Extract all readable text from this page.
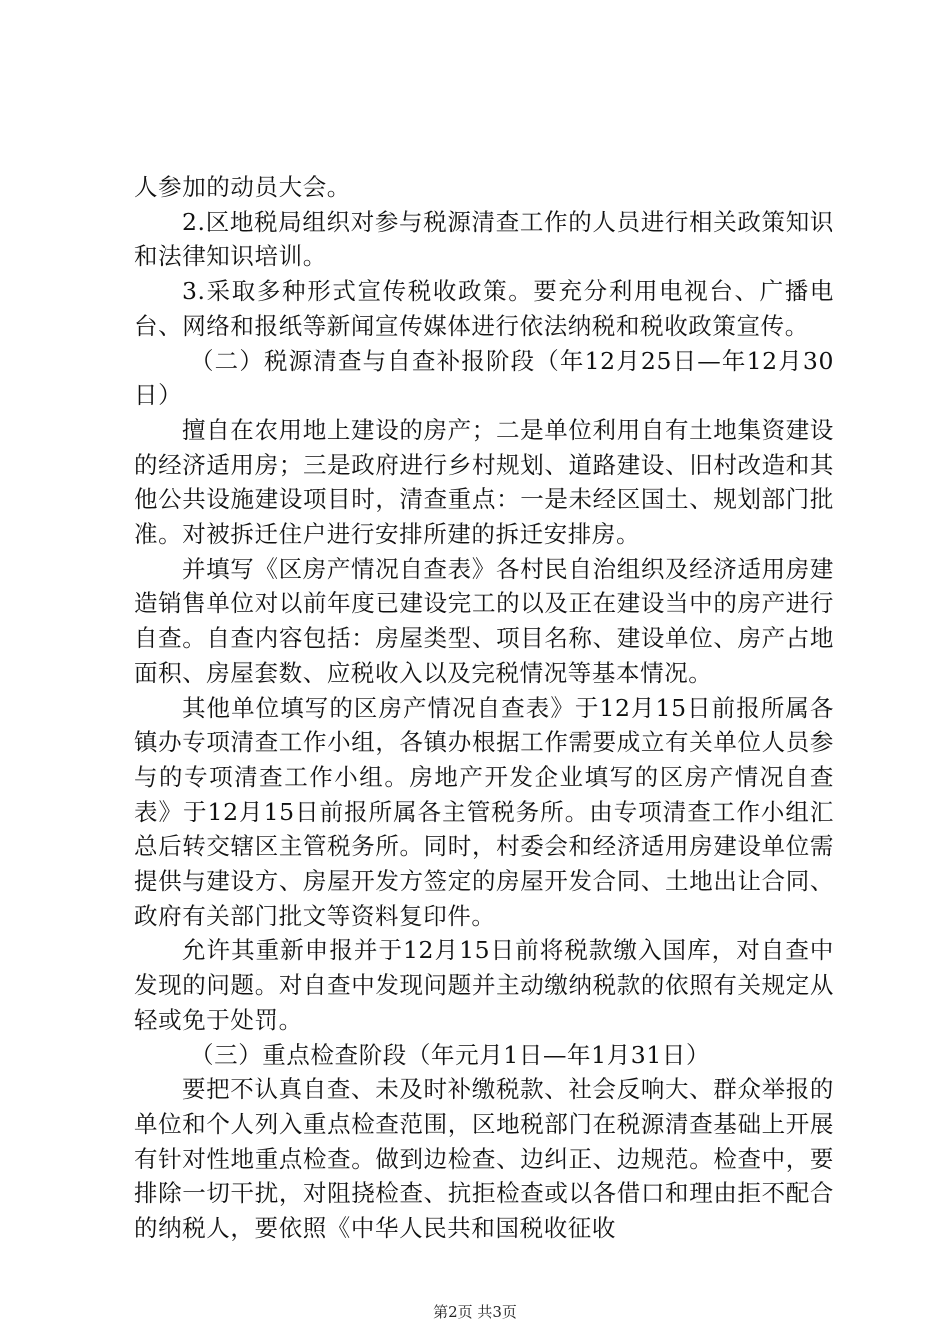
人参加的动员大会。

2.区地税局组织对参与税源清查工作的人员进行相关政策知识和法律知识培训。

3.采取多种形式宣传税收政策。要充分利用电视台、广播电台、网络和报纸等新闻宣传媒体进行依法纳税和税收政策宣传。

（二）税源清查与自查补报阶段（年12月25日—年12月30日）

擅自在农用地上建设的房产；二是单位利用自有土地集资建设的经济适用房；三是政府进行乡村规划、道路建设、旧村改造和其他公共设施建设项目时，清查重点：一是未经区国土、规划部门批准。对被拆迁住户进行安排所建的拆迁安排房。

并填写《区房产情况自查表》各村民自治组织及经济适用房建造销售单位对以前年度已建设完工的以及正在建设当中的房产进行自查。自查内容包括：房屋类型、项目名称、建设单位、房产占地面积、房屋套数、应税收入以及完税情况等基本情况。

其他单位填写的区房产情况自查表》于12月15日前报所属各镇办专项清查工作小组，各镇办根据工作需要成立有关单位人员参与的专项清查工作小组。房地产开发企业填写的区房产情况自查表》于12月15日前报所属各主管税务所。由专项清查工作小组汇总后转交辖区主管税务所。同时，村委会和经济适用房建设单位需提供与建设方、房屋开发方签定的房屋开发合同、土地出让合同、政府有关部门批文等资料复印件。

允许其重新申报并于12月15日前将税款缴入国库，对自查中发现的问题。对自查中发现问题并主动缴纳税款的依照有关规定从轻或免于处罚。

（三）重点检查阶段（年元月1日—年1月31日）

要把不认真自查、未及时补缴税款、社会反响大、群众举报的单位和个人列入重点检查范围，区地税部门在税源清查基础上开展有针对性地重点检查。做到边检查、边纠正、边规范。检查中，要排除一切干扰，对阻挠检查、抗拒检查或以各借口和理由拒不配合的纳税人，要依照《中华人民共和国税收征收

第2页 共3页
